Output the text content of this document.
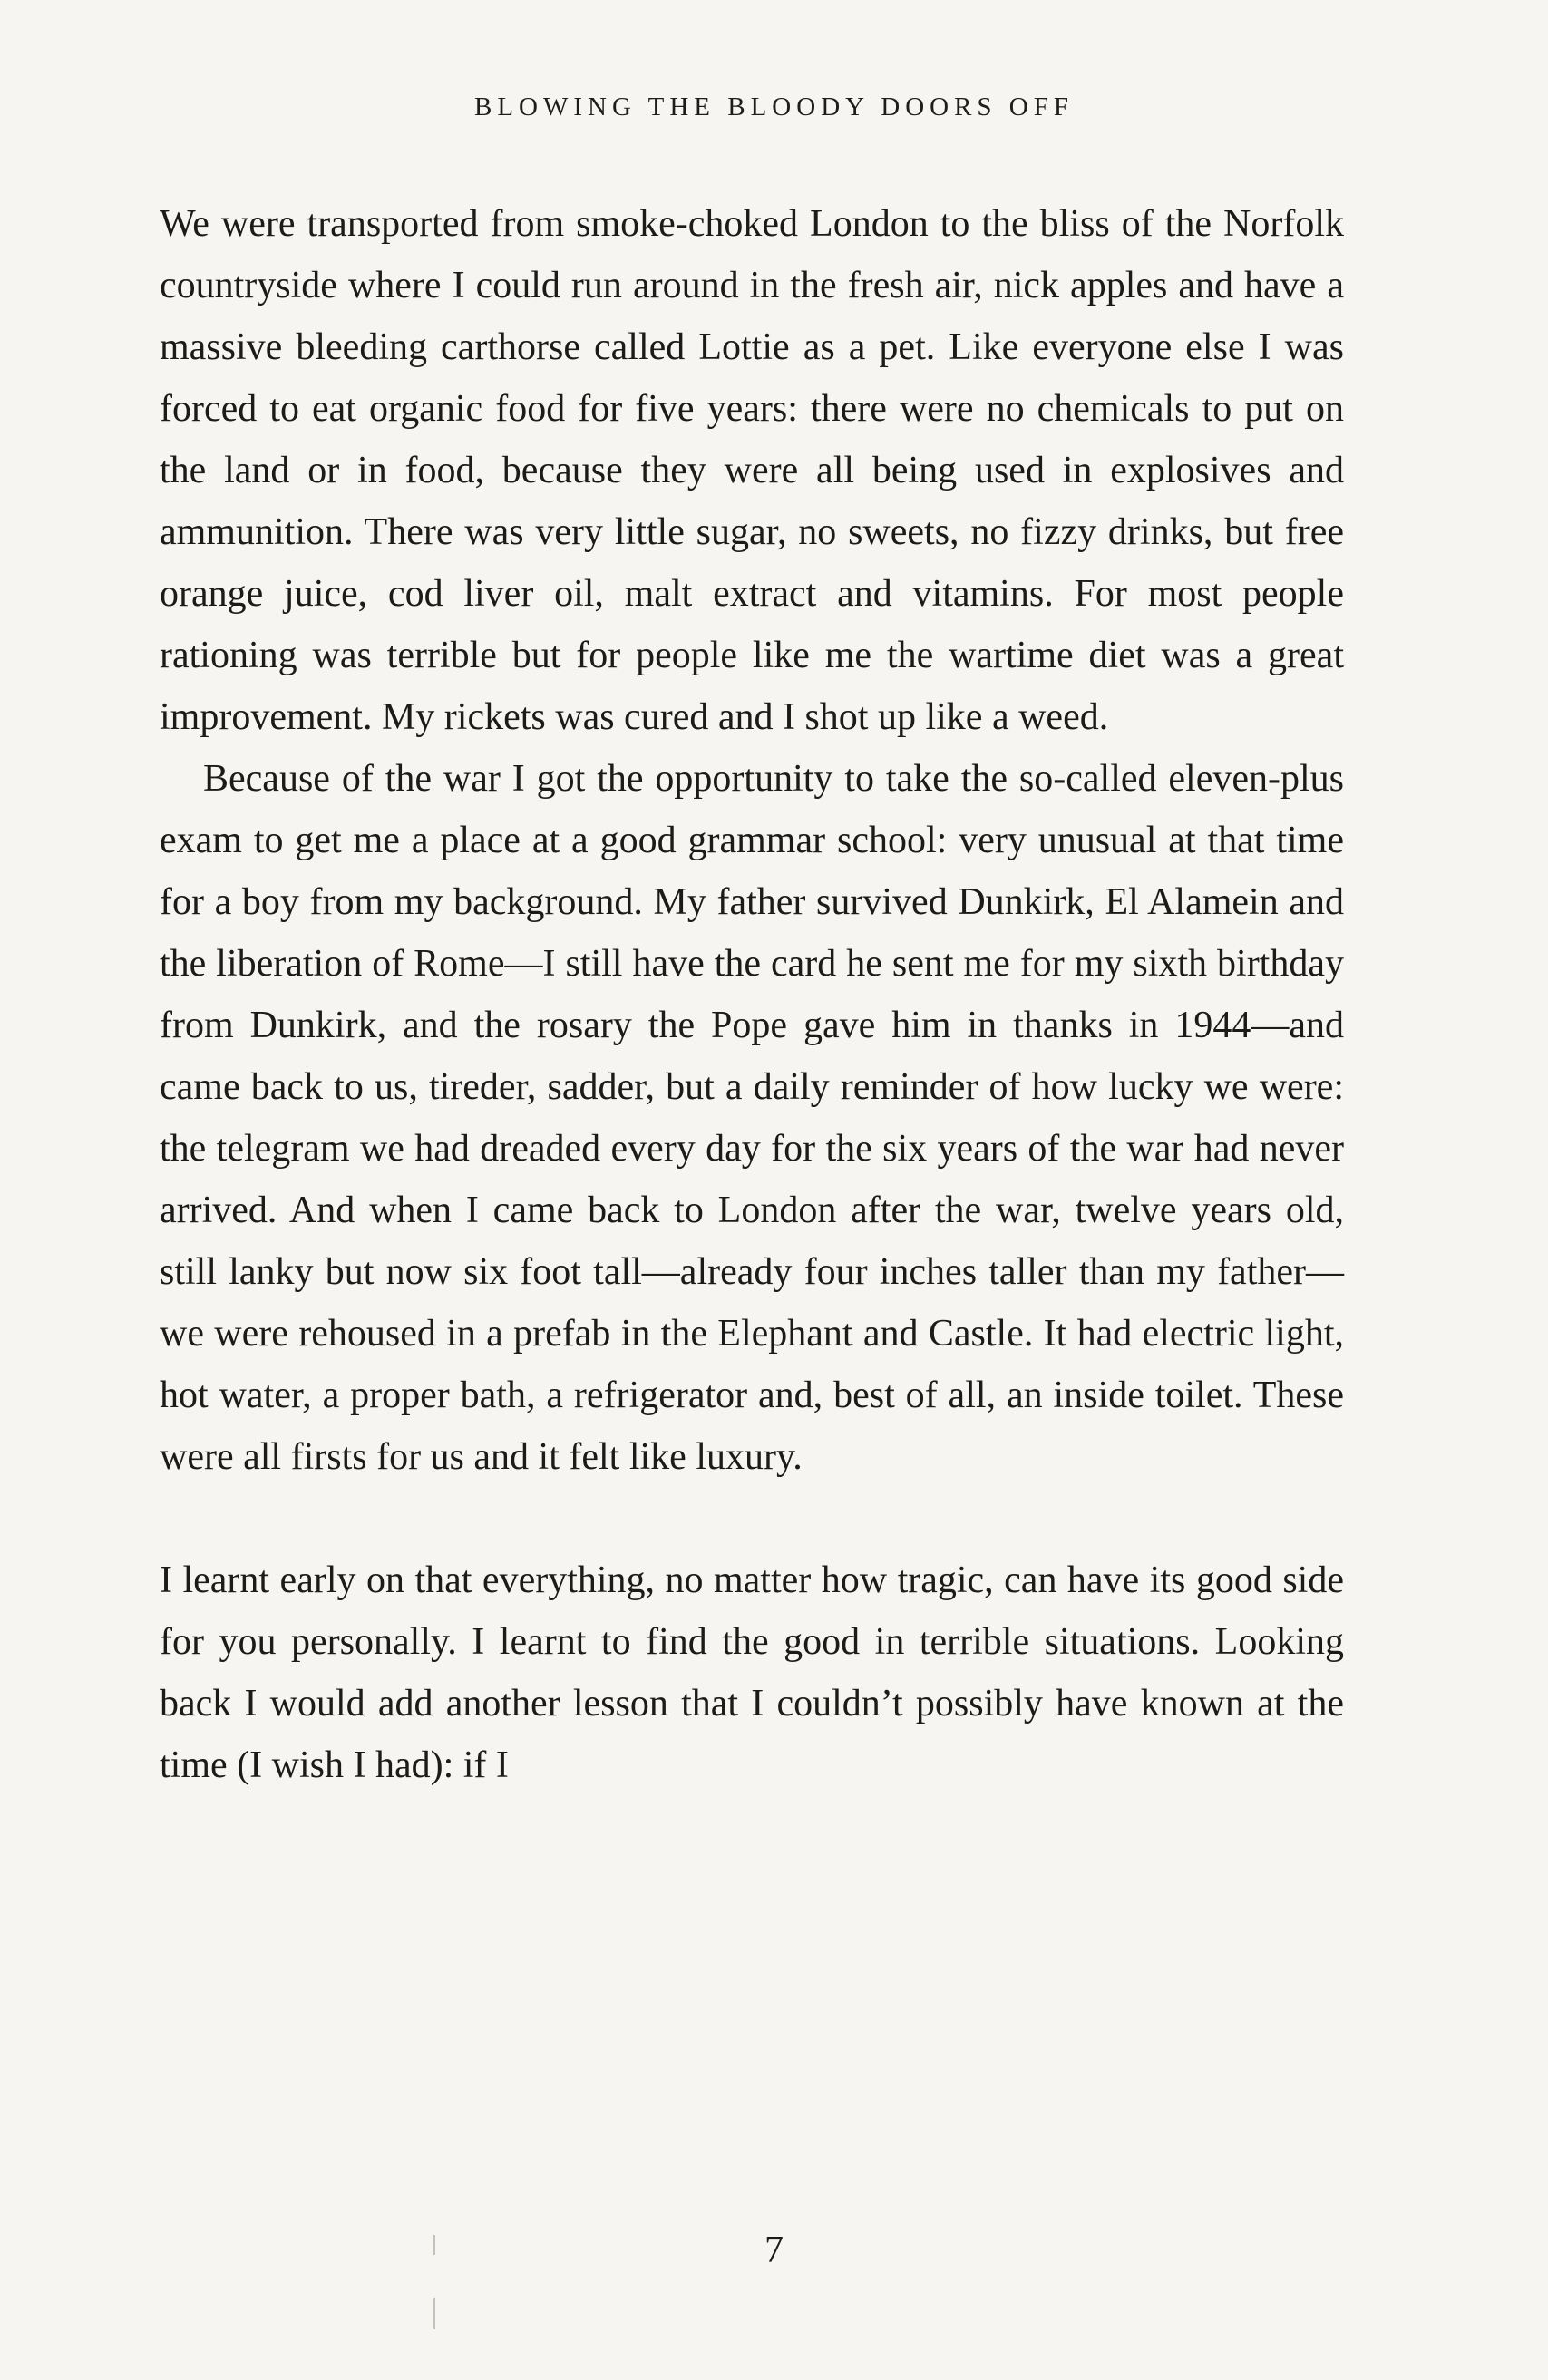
BLOWING THE BLOODY DOORS OFF

We were transported from smoke-choked London to the bliss of the Norfolk countryside where I could run around in the fresh air, nick apples and have a massive bleeding carthorse called Lottie as a pet. Like everyone else I was forced to eat organic food for five years: there were no chemicals to put on the land or in food, because they were all being used in explosives and ammunition. There was very little sugar, no sweets, no fizzy drinks, but free orange juice, cod liver oil, malt extract and vitamins. For most people rationing was terrible but for people like me the wartime diet was a great improvement. My rickets was cured and I shot up like a weed.

Because of the war I got the opportunity to take the so-called eleven-plus exam to get me a place at a good grammar school: very unusual at that time for a boy from my background. My father survived Dunkirk, El Alamein and the liberation of Rome—I still have the card he sent me for my sixth birthday from Dunkirk, and the rosary the Pope gave him in thanks in 1944—and came back to us, tireder, sadder, but a daily reminder of how lucky we were: the telegram we had dreaded every day for the six years of the war had never arrived. And when I came back to London after the war, twelve years old, still lanky but now six foot tall—already four inches taller than my father—we were rehoused in a prefab in the Elephant and Castle. It had electric light, hot water, a proper bath, a refrigerator and, best of all, an inside toilet. These were all firsts for us and it felt like luxury.

I learnt early on that everything, no matter how tragic, can have its good side for you personally. I learnt to find the good in terrible situations. Looking back I would add another lesson that I couldn’t possibly have known at the time (I wish I had): if I

7
